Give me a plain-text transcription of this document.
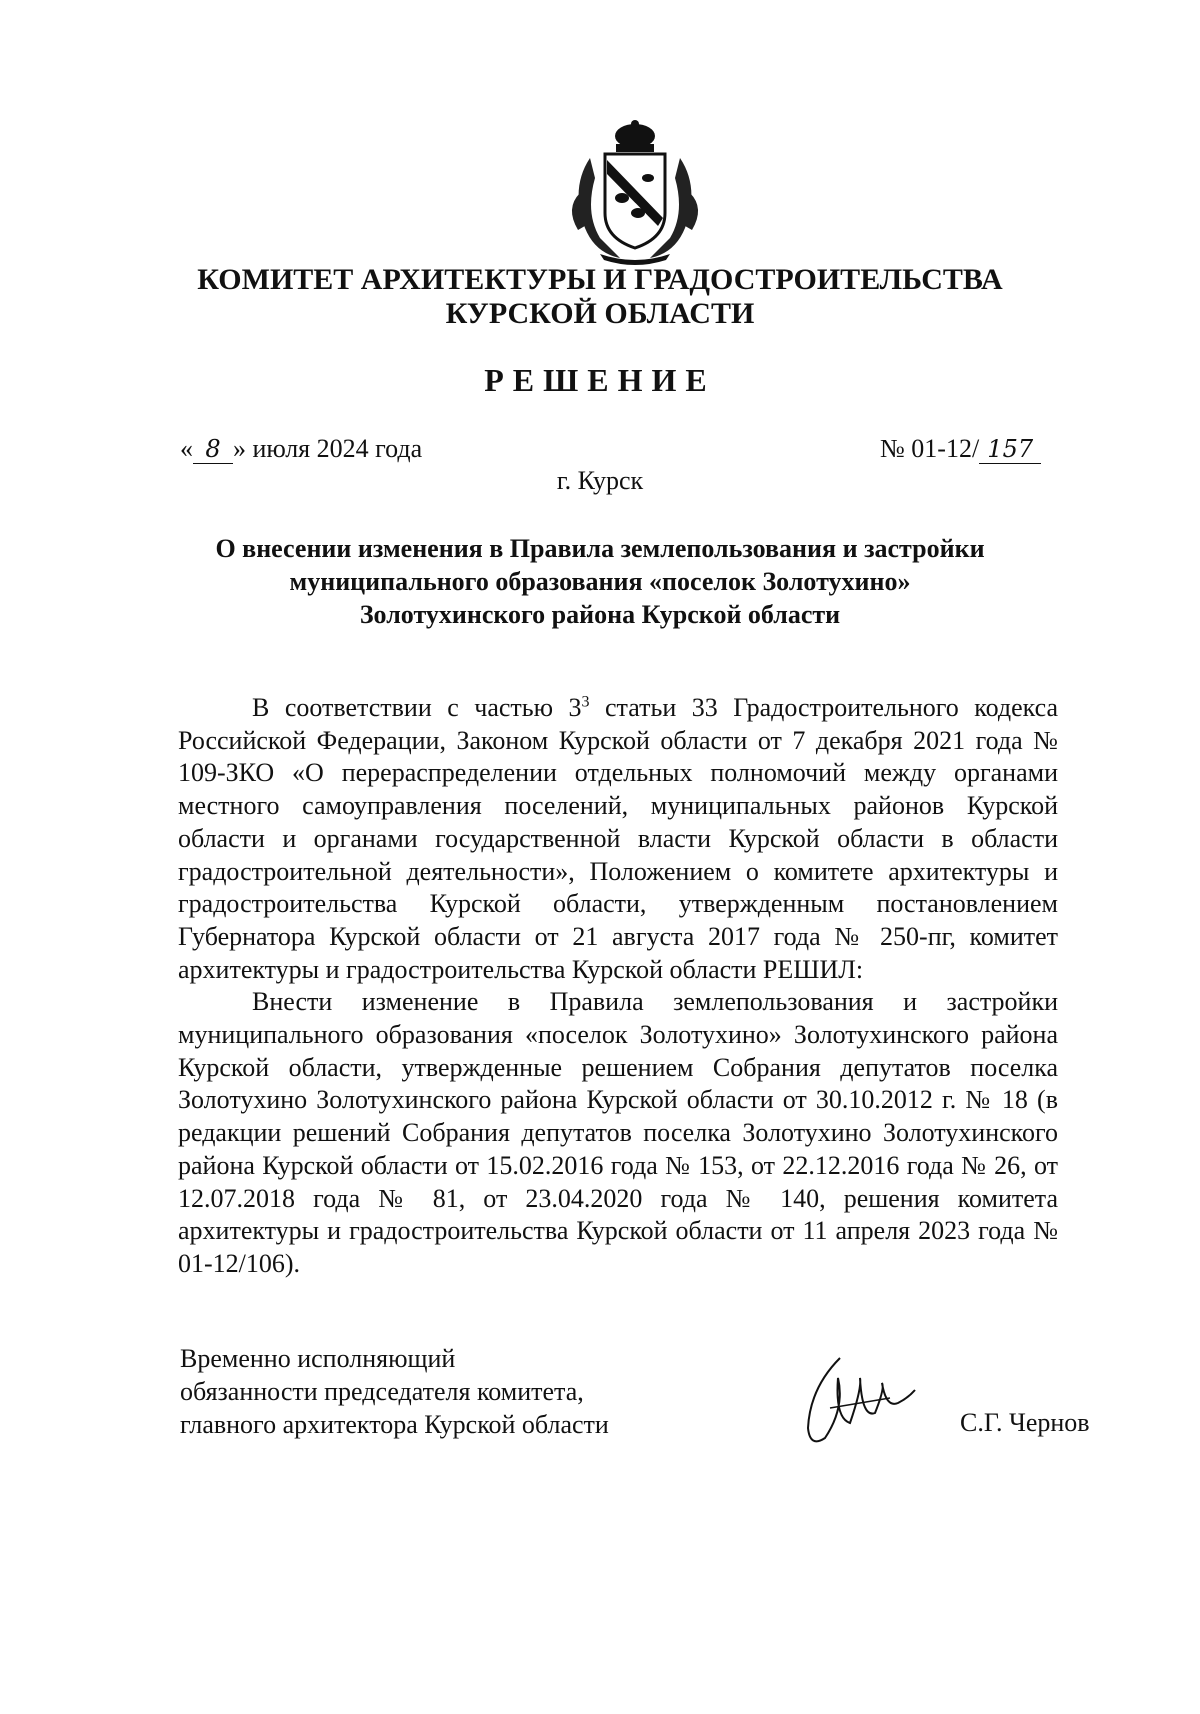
КОМИТЕТ АРХИТЕКТУРЫ И ГРАДОСТРОИТЕЛЬСТВА
КУРСКОЙ ОБЛАСТИ
РЕШЕНИЕ
« 8 » июля 2024 года	№ 01-12/ 157
г. Курск
О внесении изменения в Правила землепользования и застройки
муниципального образования «поселок Золотухино»
Золотухинского района Курской области

В соответствии с частью $3^3$ статьи 33 Градостроительного кодекса Российской Федерации, Законом Курской области от 7 декабря 2021 года № 109-ЗКО «О перераспределении отдельных полномочий между органами местного самоуправления поселений, муниципальных районов Курской области и органами государственной власти Курской области в области градостроительной деятельности», Положением о комитете архитектуры и градостроительства Курской области, утвержденным постановлением Губернатора Курской области от 21 августа 2017 года № 250-пг, комитет архитектуры и градостроительства Курской области РЕШИЛ:

Внести изменение в Правила землепользования и застройки муниципального образования «поселок Золотухино» Золотухинского района Курской области, утвержденные решением Собрания депутатов поселка Золотухино Золотухинского района Курской области от 30.10.2012 г. № 18 (в редакции решений Собрания депутатов поселка Золотухино Золотухинского района Курской области от 15.02.2016 года № 153, от 22.12.2016 года № 26, от 12.07.2018 года № 81, от 23.04.2020 года № 140, решения комитета архитектуры и градостроительства Курской области от 11 апреля 2023 года № 01-12/106).

Временно исполняющий
обязанности председателя комитета,
главного архитектора Курской области	С.Г. Чернов
